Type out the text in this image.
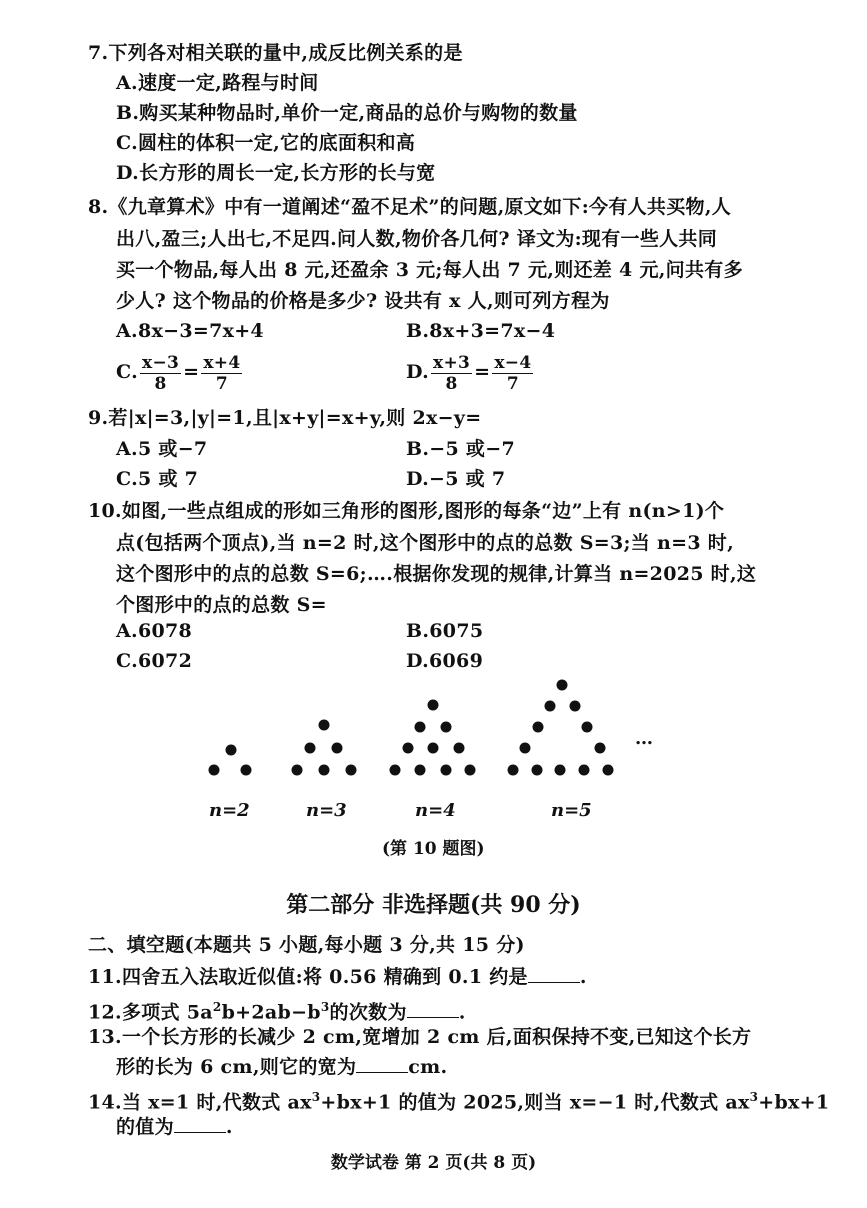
7.下列各对相关联的量中,成反比例关系的是
A.速度一定,路程与时间
B.购买某种物品时,单价一定,商品的总价与购物的数量
C.圆柱的体积一定,它的底面积和高
D.长方形的周长一定,长方形的长与宽
8.《九章算术》中有一道阐述“盈不足术”的问题,原文如下:今有人共买物,人
出八,盈三;人出七,不足四.问人数,物价各几何? 译文为:现有一些人共同
买一个物品,每人出 8 元,还盈余 3 元;每人出 7 元,则还差 4 元,问共有多
少人? 这个物品的价格是多少? 设共有 x 人,则可列方程为
A.8x−3=7x+4	B.8x+3=7x−4
C. $\frac{x-3}{8} = \frac{x+4}{7}$	D. $\frac{x+3}{8} = \frac{x-4}{7}$
9.若|x|=3,|y|=1,且|x+y|=x+y,则 2x−y=
A.5 或−7	B.−5 或−7
C.5 或 7	D.−5 或 7
10.如图,一些点组成的形如三角形的图形,图形的每条“边”上有 n(n>1)个
点(包括两个顶点),当 n=2 时,这个图形中的点的总数 S=3;当 n=3 时,
这个图形中的点的总数 S=6;….根据你发现的规律,计算当 n=2025 时,这
个图形中的点的总数 S=
A.6078	B.6075
C.6072	D.6069
…
n=2	n=3	n=4	n=5
(第 10 题图)
第二部分 非选择题(共 90 分)
二、填空题(本题共 5 小题,每小题 3 分,共 15 分)
11.四舍五入法取近似值:将 0.56 精确到 0.1 约是	.
12.多项式 $5a^2b+2ab-b^3$的次数为	.
13.一个长方形的长减少 2 cm,宽增加 2 cm 后,面积保持不变,已知这个长方
形的长为 6 cm,则它的宽为	cm.
14.当 x=1 时,代数式 $ax^3+bx+1$ 的值为 2025,则当 x=−1 时,代数式 $ax^3+bx+1$
的值为	.
数学试卷 第 2 页(共 8 页)
